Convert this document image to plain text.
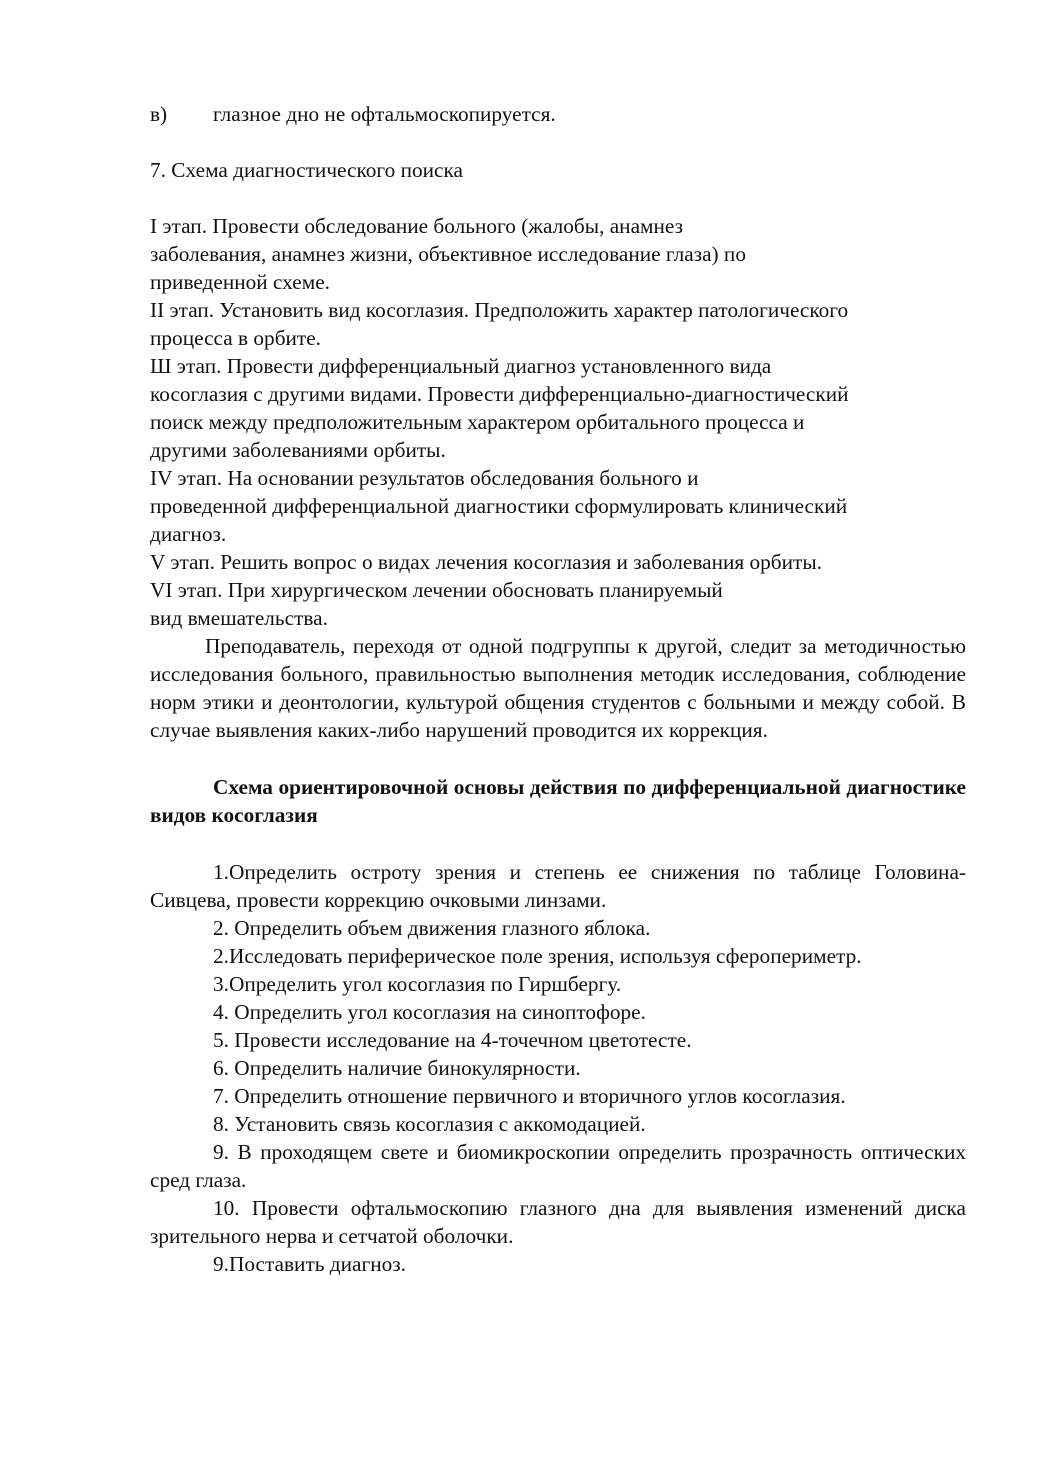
в) глазное дно не офтальмоскопируется.
7. Схема диагностического поиска
I этап. Провести обследование больного (жалобы, анамнез
заболевания, анамнез жизни, объективное исследование глаза) по
приведенной схеме.
II этап. Установить вид косоглазия. Предположить характер патологического
процесса в орбите.
Ш этап. Провести дифференциальный диагноз установленного вида
косоглазия с другими видами. Провести дифференциально-диагностический
поиск между предположительным характером орбитального процесса и
другими заболеваниями орбиты.
IV этап. На основании результатов обследования больного и
проведенной дифференциальной диагностики сформулировать клинический
диагноз.
V этап. Решить вопрос о видах лечения косоглазия и заболевания орбиты.
VI этап. При хирургическом лечении обосновать планируемый
вид вмешательства.
Преподаватель, переходя от одной подгруппы к другой, следит за методичностью исследования больного, правильностью выполнения методик исследования, соблюдение норм этики и деонтологии, культурой общения студентов с больными и между собой. В случае выявления каких-либо нарушений проводится их коррекция.
Схема ориентировочной основы действия по дифференциальной диагностике видов косоглазия
1.Определить остроту зрения и степень ее снижения по таблице Головина-Сивцева, провести коррекцию очковыми линзами.
2. Определить объем движения глазного яблока.
2.Исследовать периферическое поле зрения, используя сфероперимeтр.
3.Определить угол косоглазия по Гиршбергу.
4. Определить угол косоглазия на синоптофоре.
5. Провести исследование на 4-точечном цветотесте.
6. Определить наличие бинокулярности.
7. Определить отношение первичного и вторичного углов косоглазия.
8. Установить связь косоглазия с аккомодацией.
9. В проходящем свете и биомикроскопии определить прозрачность оптических сред глаза.
10. Провести офтальмоскопию глазного дна для выявления изменений диска зрительного нерва и сетчатой оболочки.
9.Поставить диагноз.
